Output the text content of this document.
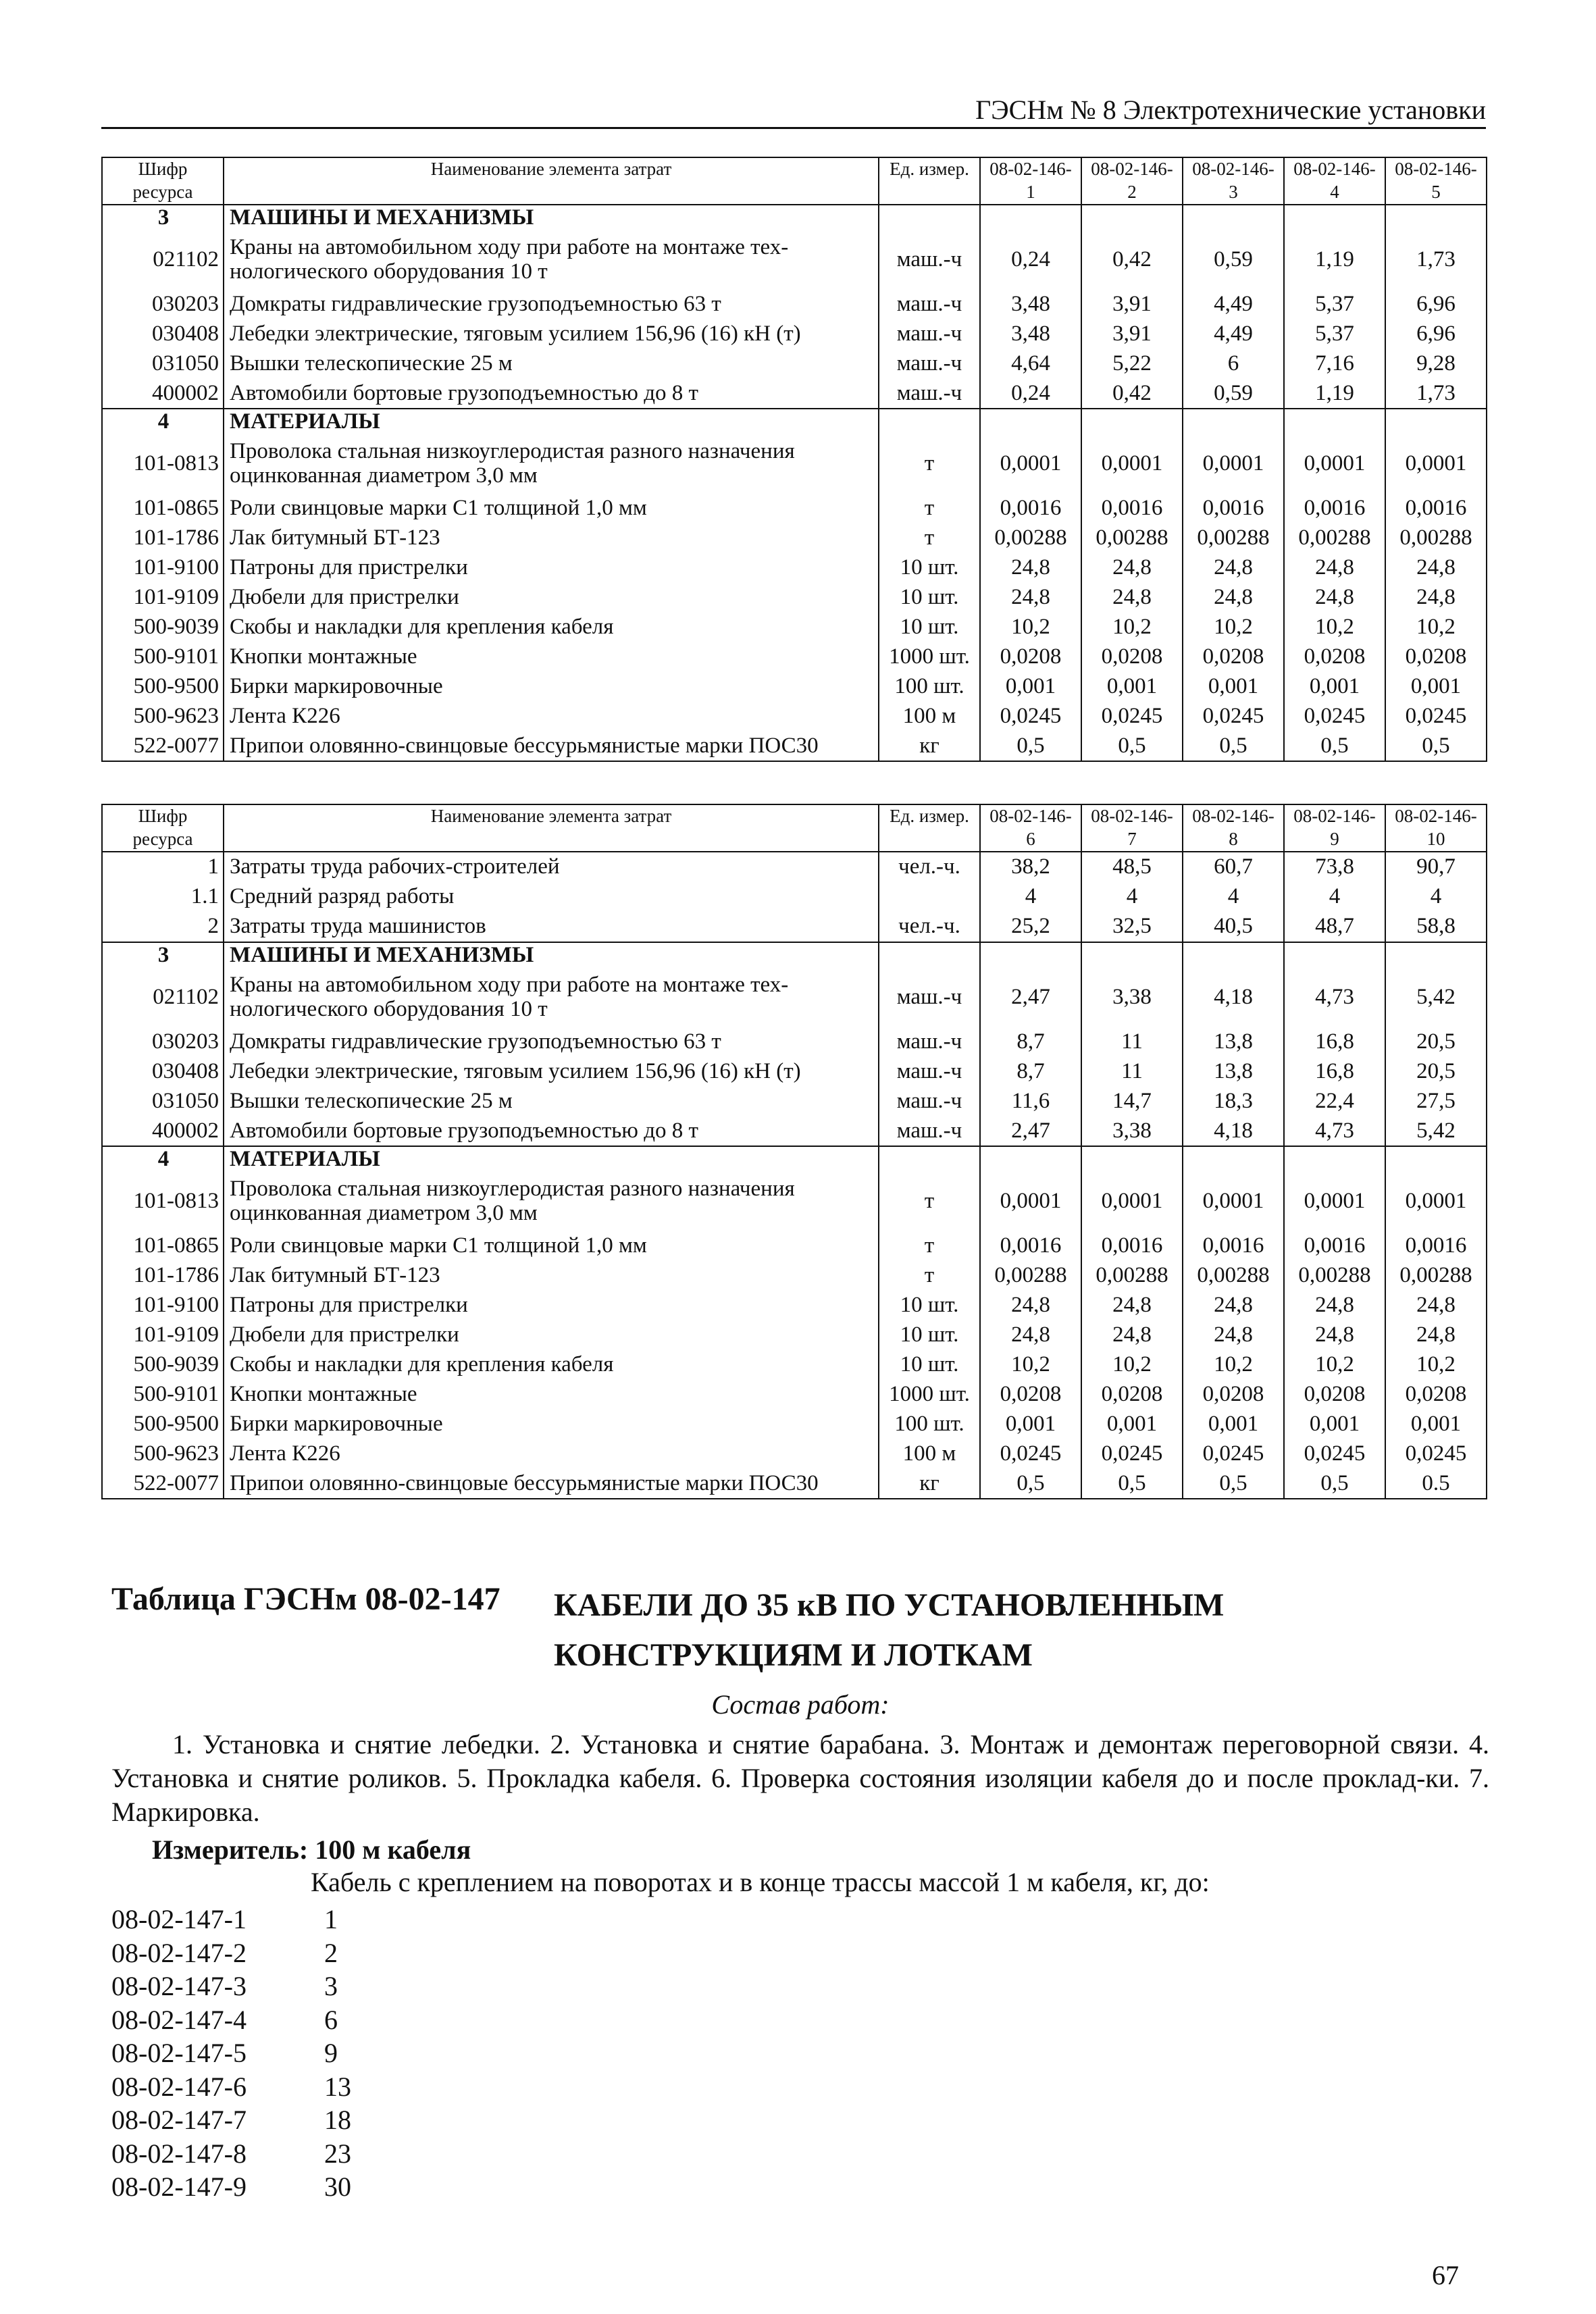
ГЭСНм № 8 Электротехнические установки
Шифр ресурса	Наименование элемента затрат	Ед. измер.	08-02-146-1	08-02-146-2	08-02-146-3	08-02-146-4	08-02-146-5
3	МАШИНЫ И МЕХАНИЗМЫ						
021102	Краны на автомобильном ходу при работе на монтаже тех-
нологического оборудования 10 т	маш.-ч	0,24	0,42	0,59	1,19	1,73
030203	Домкраты гидравлические грузоподъемностью 63 т	маш.-ч	3,48	3,91	4,49	5,37	6,96
030408	Лебедки электрические, тяговым усилием 156,96 (16) кН (т)	маш.-ч	3,48	3,91	4,49	5,37	6,96
031050	Вышки телескопические 25 м	маш.-ч	4,64	5,22	6	7,16	9,28
400002	Автомобили бортовые грузоподъемностью до 8 т	маш.-ч	0,24	0,42	0,59	1,19	1,73
4	МАТЕРИАЛЫ						
101-0813	Проволока стальная низкоуглеродистая разного назначения
оцинкованная диаметром 3,0 мм	т	0,0001	0,0001	0,0001	0,0001	0,0001
101-0865	Роли свинцовые марки С1 толщиной 1,0 мм	т	0,0016	0,0016	0,0016	0,0016	0,0016
101-1786	Лак битумный БТ-123	т	0,00288	0,00288	0,00288	0,00288	0,00288
101-9100	Патроны для пристрелки	10 шт.	24,8	24,8	24,8	24,8	24,8
101-9109	Дюбели для пристрелки	10 шт.	24,8	24,8	24,8	24,8	24,8
500-9039	Скобы и накладки для крепления кабеля	10 шт.	10,2	10,2	10,2	10,2	10,2
500-9101	Кнопки монтажные	1000 шт.	0,0208	0,0208	0,0208	0,0208	0,0208
500-9500	Бирки маркировочные	100 шт.	0,001	0,001	0,001	0,001	0,001
500-9623	Лента К226	100 м	0,0245	0,0245	0,0245	0,0245	0,0245
522-0077	Припои оловянно-свинцовые бессурьмянистые марки ПОС30	кг	0,5	0,5	0,5	0,5	0,5
Шифр ресурса	Наименование элемента затрат	Ед. измер.	08-02-146-6	08-02-146-7	08-02-146-8	08-02-146-9	08-02-146-10
1	Затраты труда рабочих-строителей	чел.-ч.	38,2	48,5	60,7	73,8	90,7
1.1	Средний разряд работы		4	4	4	4	4
2	Затраты труда машинистов	чел.-ч.	25,2	32,5	40,5	48,7	58,8
3	МАШИНЫ И МЕХАНИЗМЫ						
021102	Краны на автомобильном ходу при работе на монтаже тех-
нологического оборудования 10 т	маш.-ч	2,47	3,38	4,18	4,73	5,42
030203	Домкраты гидравлические грузоподъемностью 63 т	маш.-ч	8,7	11	13,8	16,8	20,5
030408	Лебедки электрические, тяговым усилием 156,96 (16) кН (т)	маш.-ч	8,7	11	13,8	16,8	20,5
031050	Вышки телескопические 25 м	маш.-ч	11,6	14,7	18,3	22,4	27,5
400002	Автомобили бортовые грузоподъемностью до 8 т	маш.-ч	2,47	3,38	4,18	4,73	5,42
4	МАТЕРИАЛЫ						
101-0813	Проволока стальная низкоуглеродистая разного назначения
оцинкованная диаметром 3,0 мм	т	0,0001	0,0001	0,0001	0,0001	0,0001
101-0865	Роли свинцовые марки С1 толщиной 1,0 мм	т	0,0016	0,0016	0,0016	0,0016	0,0016
101-1786	Лак битумный БТ-123	т	0,00288	0,00288	0,00288	0,00288	0,00288
101-9100	Патроны для пристрелки	10 шт.	24,8	24,8	24,8	24,8	24,8
101-9109	Дюбели для пристрелки	10 шт.	24,8	24,8	24,8	24,8	24,8
500-9039	Скобы и накладки для крепления кабеля	10 шт.	10,2	10,2	10,2	10,2	10,2
500-9101	Кнопки монтажные	1000 шт.	0,0208	0,0208	0,0208	0,0208	0,0208
500-9500	Бирки маркировочные	100 шт.	0,001	0,001	0,001	0,001	0,001
500-9623	Лента К226	100 м	0,0245	0,0245	0,0245	0,0245	0,0245
522-0077	Припои оловянно-свинцовые бессурьмянистые марки ПОС30	кг	0,5	0,5	0,5	0,5	0.5
Таблица ГЭСНм 08-02-147 КАБЕЛИ ДО 35 кВ ПО УСТАНОВЛЕННЫМ
КОНСТРУКЦИЯМ И ЛОТКАМ
Состав работ:
1. Установка и снятие лебедки. 2. Установка и снятие барабана. 3. Монтаж и демонтаж переговорной связи. 4. Установка и снятие роликов. 5. Прокладка кабеля. 6. Проверка состояния изоляции кабеля до и после проклад-ки. 7. Маркировка.
Измеритель: 100 м кабеля
Кабель с креплением на поворотах и в конце трассы массой 1 м кабеля, кг, до:
08-02-147-1	1
08-02-147-2	2
08-02-147-3	3
08-02-147-4	6
08-02-147-5	9
08-02-147-6	13
08-02-147-7	18
08-02-147-8	23
08-02-147-9	30
67
